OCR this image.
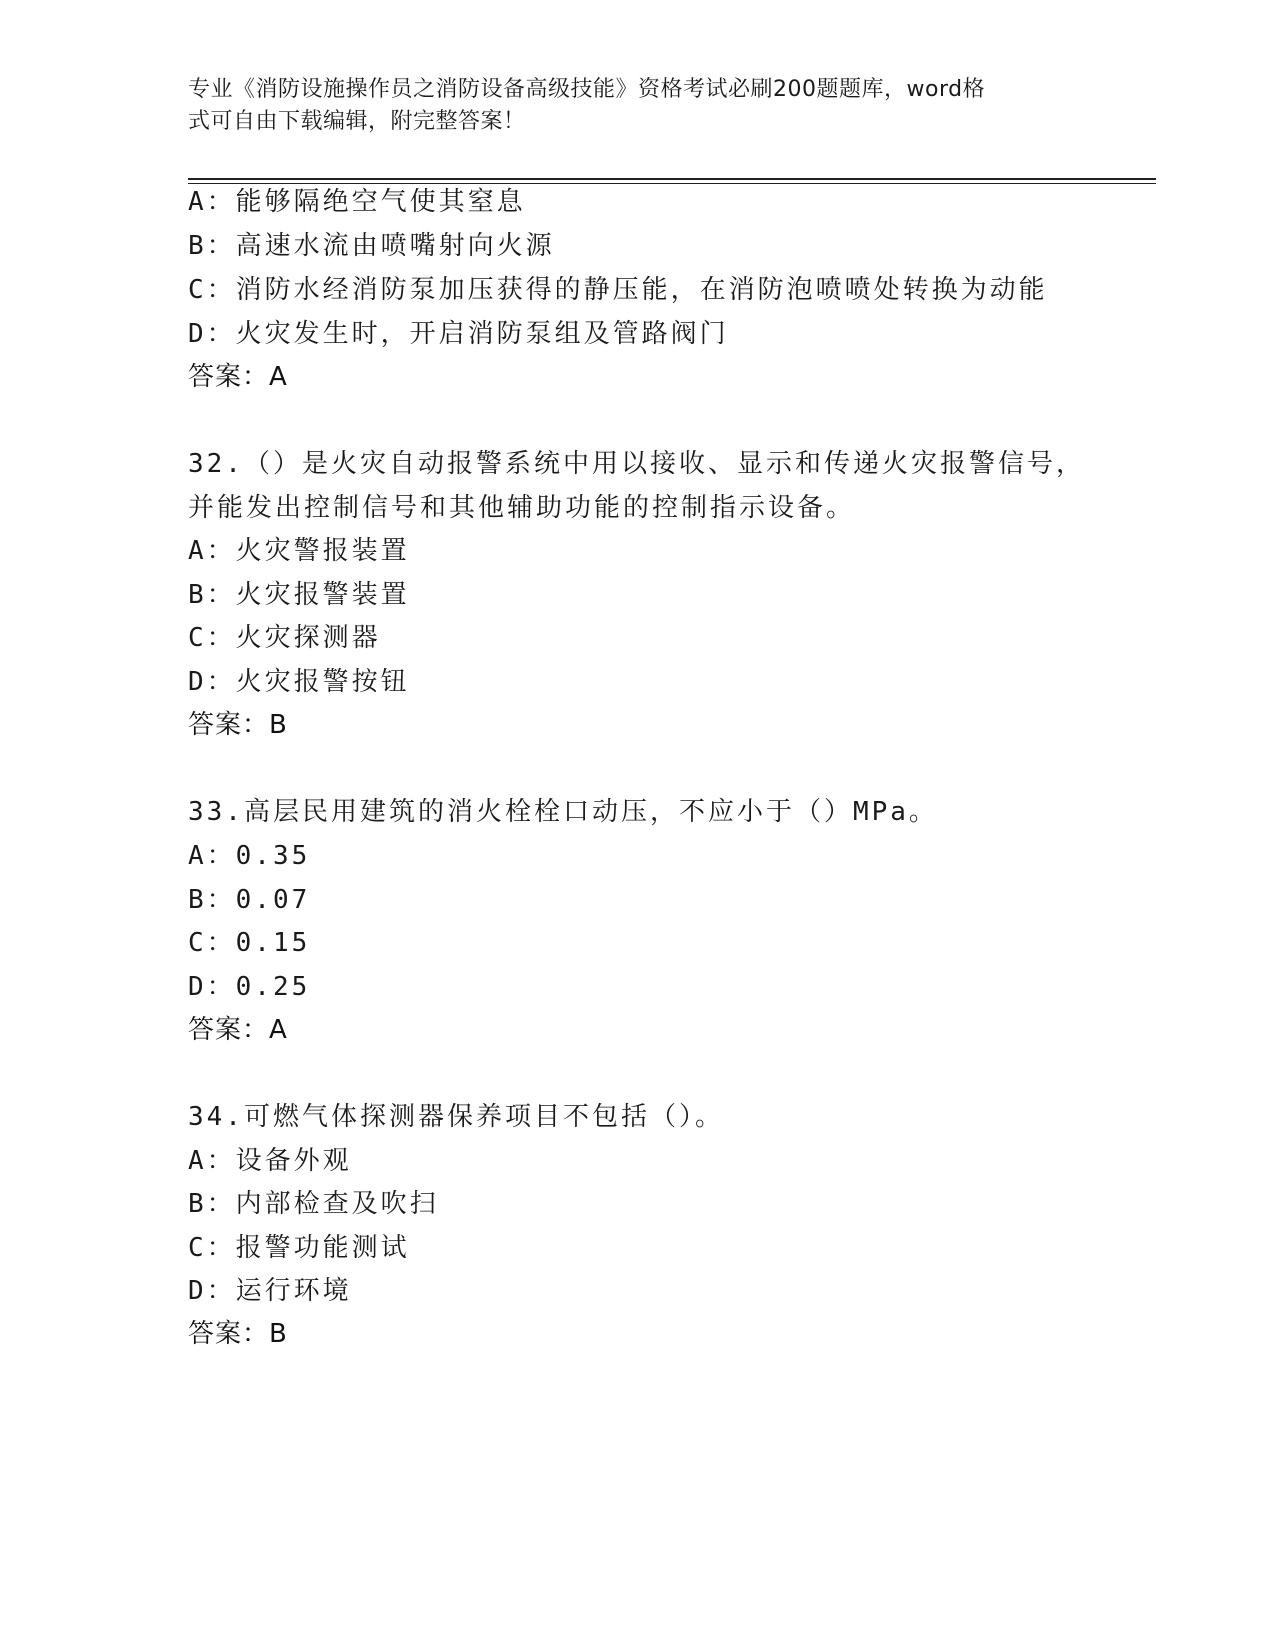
专业《消防设施操作员之消防设备高级技能》资格考试必刷200题题库，word格
式可自由下载编辑，附完整答案！
A：能够隔绝空气使其窒息
B：高速水流由喷嘴射向火源
C：消防水经消防泵加压获得的静压能，在消防泡喷喷处转换为动能
D：火灾发生时，开启消防泵组及管路阀门
答案：A
32.（）是火灾自动报警系统中用以接收、显示和传递火灾报警信号，
并能发出控制信号和其他辅助功能的控制指示设备。
A：火灾警报装置
B：火灾报警装置
C：火灾探测器
D：火灾报警按钮
答案：B
33.高层民用建筑的消火栓栓口动压，不应小于（）MPa。
A：0.35
B：0.07
C：0.15
D：0.25
答案：A
34.可燃气体探测器保养项目不包括（）。
A：设备外观
B：内部检查及吹扫
C：报警功能测试
D：运行环境
答案：B
